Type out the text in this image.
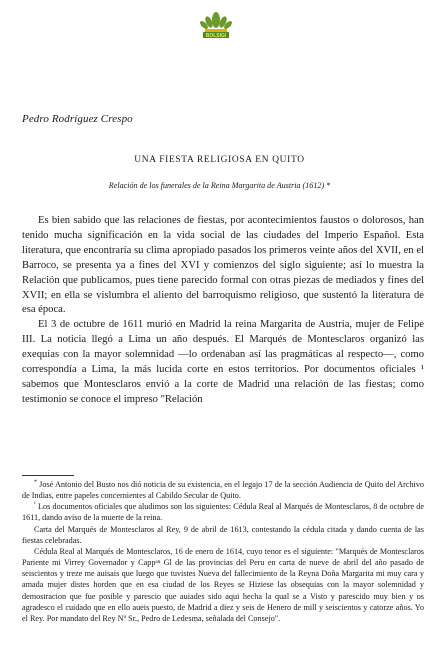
BOLSIGI
Pedro Rodríguez Crespo
UNA FIESTA RELIGIOSA EN QUITO
Relación de los funerales de la Reina Margarita de Austria (1612) *

Es bien sabido que las relaciones de fiestas, por acontecimientos faustos o dolorosos, han tenido mucha significación en la vida social de las ciudades del Imperio Español. Esta literatura, que encontraría su clima apropiado pasados los primeros veinte años del XVII, en el Barroco, se presenta ya a fines del XVI y comienzos del siglo siguiente; así lo muestra la Relación que publicamos, pues tiene parecido formal con otras piezas de mediados y fines del XVII; en ella se vislumbra el aliento del barroquismo religioso, que sustentó la literatura de esa época.

El 3 de octubre de 1611 murió en Madrid la reina Margarita de Austria, mujer de Felipe III. La noticia llegó a Lima un año después. El Marqués de Montesclaros organizó las exequias con la mayor solemnidad —lo ordenaban así las pragmáticas al respecto—, como correspondía a Lima, la más lucida corte en estos territorios. Por documentos oficiales ¹ sabemos que Montesclaros envió a la corte de Madrid una relación de las fiestas; como testimonio se conoce el impreso "Relación

* José Antonio del Busto nos dió noticia de su existencia, en el legajo 17 de la sección Audiencia de Quito del Archivo de Indias, entre papeles concernientes al Cabildo Secular de Quito.

$^{^1}$ Los documentos oficiales que aludimos son los siguientes: Cédula Real al Marqués de Montesclaros, 8 de octubre de 1611, dando aviso de la muerte de la reina.

Carta del Marqués de Montesclaros al Rey, 9 de abril de 1613, contestando la cédula citada y dando cuenta de las fiestas celebradas.

Cédula Real al Marqués de Montesclaros, 16 de enero de 1614, cuyo tenor es el siguiente: "Marqués de Montesclaros Pariente mi Virrey Governador y Cappᵃⁿ Gl de las provincias del Peru en carta de nueve de abril del año pasado de seiscientos y treze me auisais que luego que tuvistes Nueva del fallecimiento de la Reyna Doña Margarita mi muy cara y amada mujer distes horden que en esa ciudad de los Reyes se Hiziese las obsequias con la mayor solemnidad y demostracion que fue posible y parescio que auiades sido aqui hecha la qual se a Visto y parescido muy bien y os agradesco el cuidado que en ello aueis puesto, de Madrid a diez y seis de Henero de mill y seiscientos y catorze años. Yo el Rey. Por mandato del Rey Nº Sr., Pedro de Ledesma, señalada del Consejo".
